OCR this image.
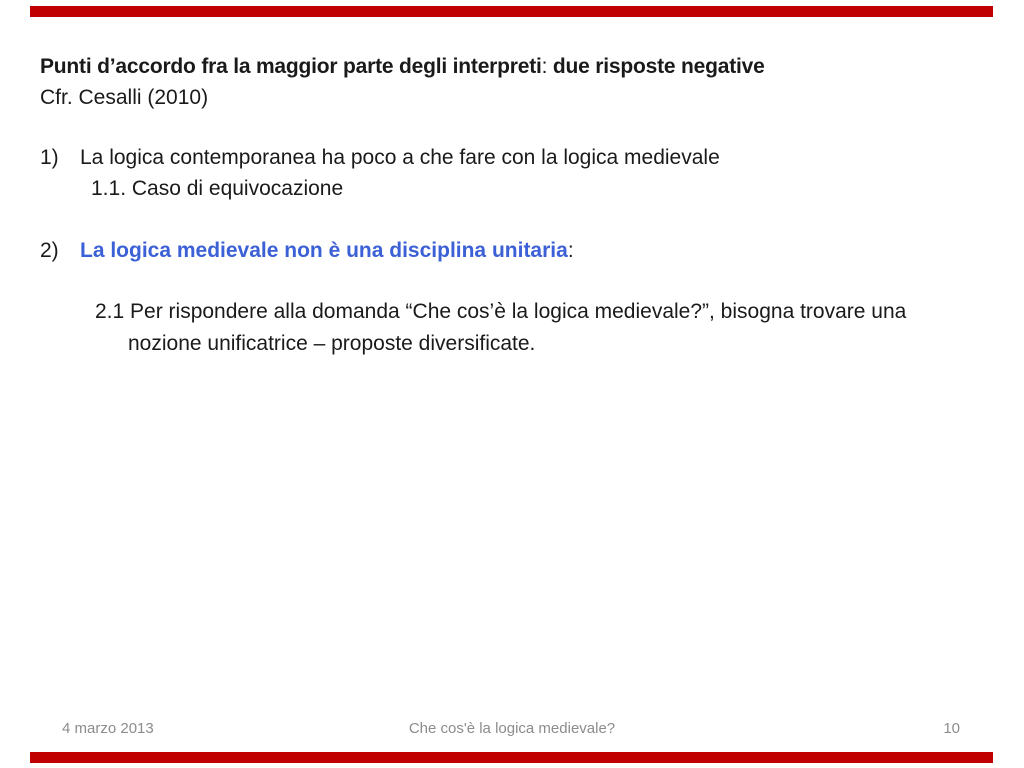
Punti d’accordo fra la maggior parte degli interpreti: due risposte negative
Cfr. Cesalli (2010)
1)	La logica contemporanea ha poco a che fare con la logica medievale
1.1. Caso di equivocazione
2)	La logica medievale non è una disciplina unitaria:
2.1 Per rispondere alla domanda “Che cos’è la logica medievale?”, bisogna trovare una
nozione unificatrice – proposte diversificate.
4 marzo 2013	Che cos'è la logica medievale?	10
